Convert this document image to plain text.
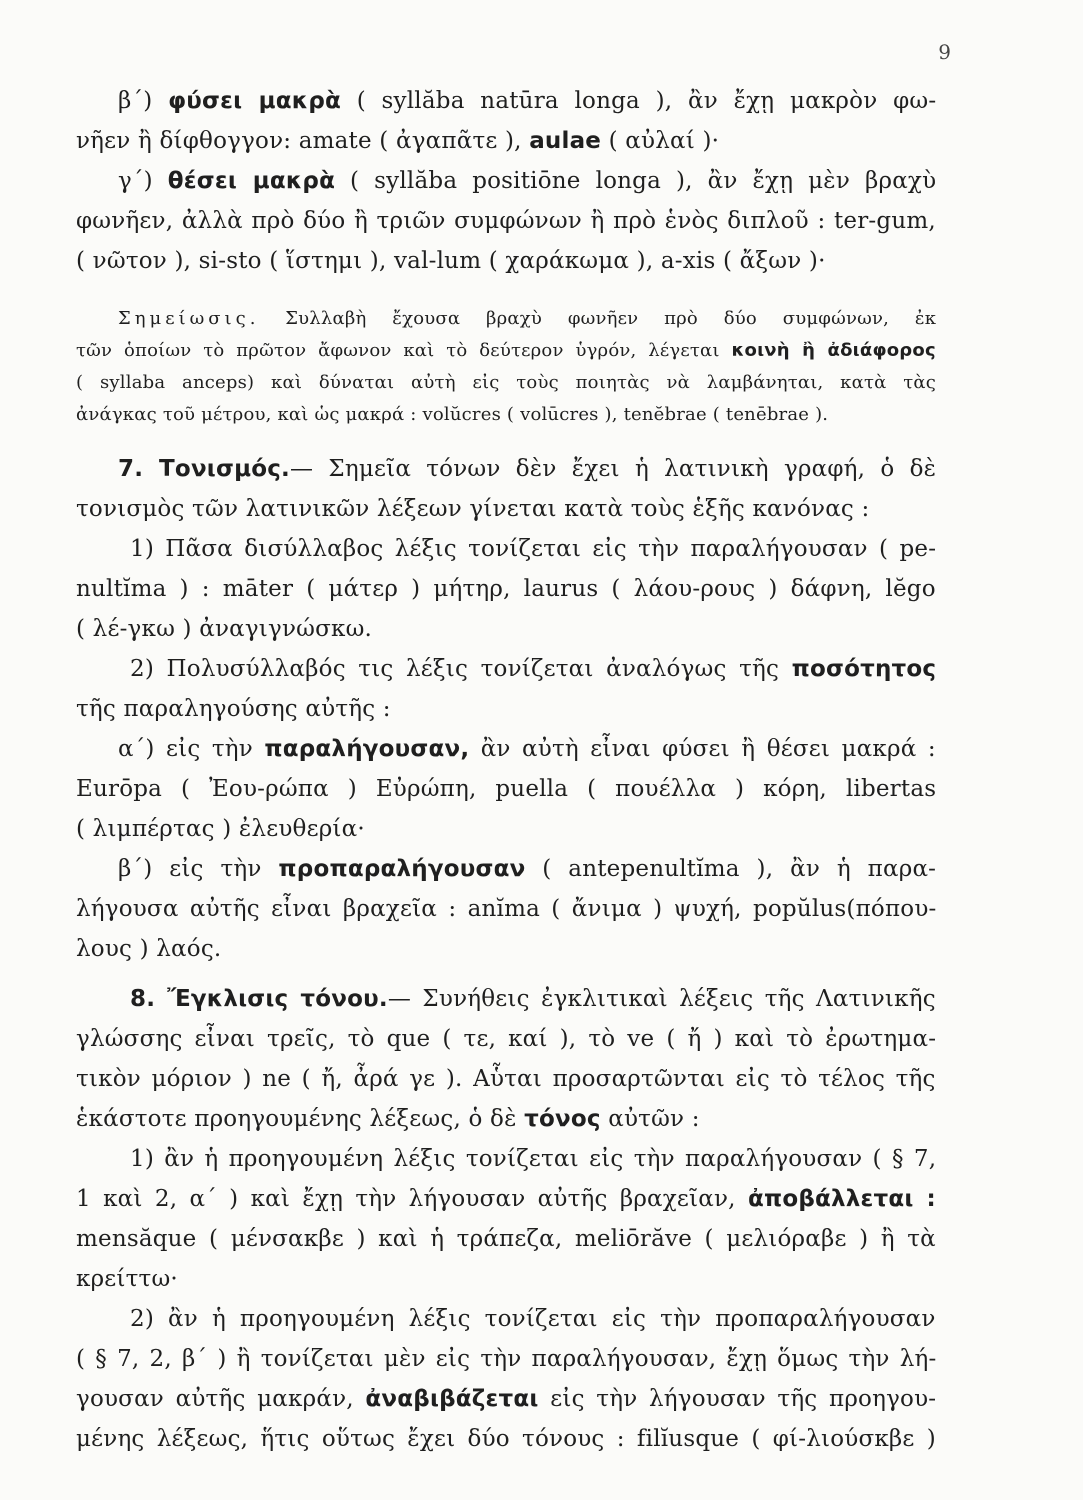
9
β΄) φύσει μακρὰ ( syllăba natūra longa ), ἂν ἔχῃ μακρὸν φω-
νῆεν ἢ δίφθογγον: amate ( ἀγαπᾶτε ), aulae ( αὐλαί )·
γ΄) θέσει μακρὰ ( syllăba positiōne longa ), ἂν ἔχῃ μὲν βραχὺ
φωνῆεν, ἀλλὰ πρὸ δύο ἢ τριῶν συμφώνων ἢ πρὸ ἑνὸς διπλοῦ : ter-gum,
( νῶτον ), si-sto ( ἵστημι ), val-lum ( χαράκωμα ), a-xis ( ἄξων )·
Σημείωσις. Συλλαβὴ ἔχουσα βραχὺ φωνῆεν πρὸ δύο συμφώνων, ἐκ
τῶν ὁποίων τὸ πρῶτον ἄφωνον καὶ τὸ δεύτερον ὑγρόν, λέγεται κοινὴ ἢ ἀδιάφορος
( syllaba anceps) καὶ δύναται αὐτὴ εἰς τοὺς ποιητὰς νὰ λαμβάνηται, κατὰ τὰς
ἀνάγκας τοῦ μέτρου, καὶ ὡς μακρά : volŭcres ( volūcres ), tenĕbrae ( tenēbrae ).
7. Τονισμός.— Σημεῖα τόνων δὲν ἔχει ἡ λατινικὴ γραφή, ὁ δὲ
τονισμὸς τῶν λατινικῶν λέξεων γίνεται κατὰ τοὺς ἑξῆς κανόνας :
1) Πᾶσα δισύλλαβος λέξις τονίζεται εἰς τὴν παραλήγουσαν ( pe-
nultĭma ) : māter ( μάτερ ) μήτηρ, laurus ( λάου-ρους ) δάφνη, lĕgo
( λέ-γκω ) ἀναγιγνώσκω.
2) Πολυσύλλαβός τις λέξις τονίζεται ἀναλόγως τῆς ποσότητος
τῆς παραληγούσης αὐτῆς :
α΄) εἰς τὴν παραλήγουσαν, ἂν αὐτὴ εἶναι φύσει ἢ θέσει μακρά :
Eurōpa ( Ἐου-ρώπα ) Εὐρώπη, puella ( πουέλλα ) κόρη, libertas
( λιμπέρτας ) ἐλευθερία·
β΄) εἰς τὴν προπαραλήγουσαν ( antepenultĭma ), ἂν ἡ παρα-
λήγουσα αὐτῆς εἶναι βραχεῖα : anĭma ( ἄνιμα ) ψυχή, popŭlus(πόπου-
λους ) λαός.
8. Ἔγκλισις τόνου.— Συνήθεις ἐγκλιτικαὶ λέξεις τῆς Λατινικῆς
γλώσσης εἶναι τρεῖς, τὸ que ( τε, καί ), τὸ ve ( ἤ ) καὶ τὸ ἐρωτημα-
τικὸν μόριον ) ne ( ἤ, ἆρά γε ). Αὗται προσαρτῶνται εἰς τὸ τέλος τῆς
ἑκάστοτε προηγουμένης λέξεως, ὁ δὲ τόνος αὐτῶν :
1) ἂν ἡ προηγουμένη λέξις τονίζεται εἰς τὴν παραλήγουσαν ( § 7,
1 καὶ 2, α΄ ) καὶ ἔχῃ τὴν λήγουσαν αὐτῆς βραχεῖαν, ἀποβάλλεται :
mensăque ( μένσακβε ) καὶ ἡ τράπεζα, meliōrăve ( μελιόραβε ) ἢ τὰ
κρείττω·
2) ἂν ἡ προηγουμένη λέξις τονίζεται εἰς τὴν προπαραλήγουσαν
( § 7, 2, β΄ ) ἢ τονίζεται μὲν εἰς τὴν παραλήγουσαν, ἔχῃ ὅμως τὴν λή-
γουσαν αὐτῆς μακράν, ἀναβιβάζεται εἰς τὴν λήγουσαν τῆς προηγου-
μένης λέξεως, ἥτις οὕτως ἔχει δύο τόνους : filĭusque ( φί-λιούσκβε )
